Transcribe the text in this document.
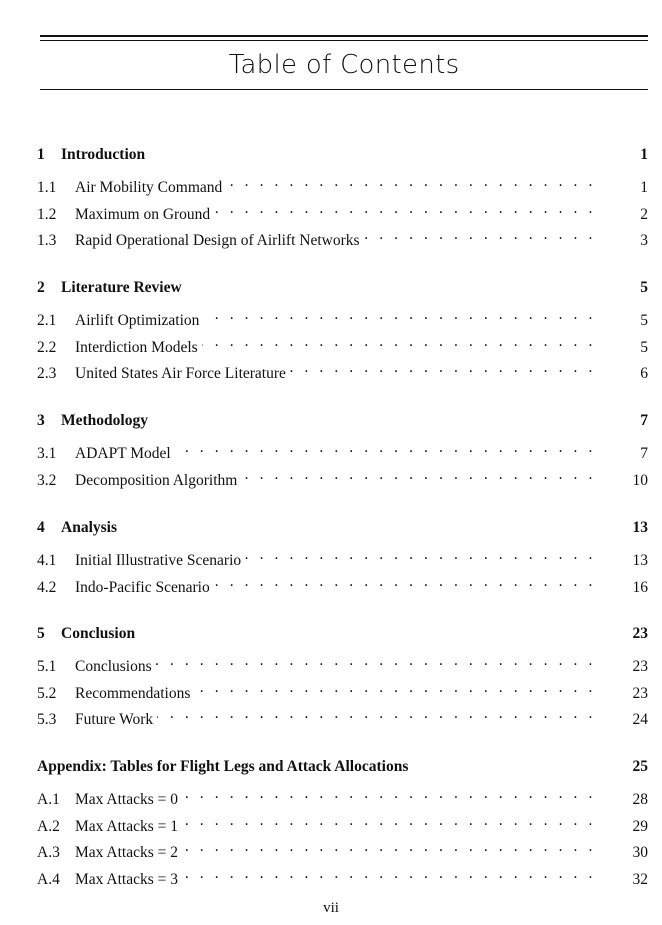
Table of Contents
1	Introduction	1
1.1	Air Mobility Command . . .	1
1.2	Maximum on Ground . . .	2
1.3	Rapid Operational Design of Airlift Networks . . .	3
2	Literature Review	5
2.1	Airlift Optimization . . .	5
2.2	Interdiction Models . . .	5
2.3	United States Air Force Literature . . .	6
3	Methodology	7
3.1	ADAPT Model . . .	7
3.2	Decomposition Algorithm . . .	10
4	Analysis	13
4.1	Initial Illustrative Scenario . . .	13
4.2	Indo-Pacific Scenario . . .	16
5	Conclusion	23
5.1	Conclusions . . .	23
5.2	Recommendations . . .	23
5.3	Future Work . . .	24
Appendix: Tables for Flight Legs and Attack Allocations	25
A.1 Max Attacks = 0 . . .	28
A.2 Max Attacks = 1 . . .	29
A.3 Max Attacks = 2 . . .	30
A.4 Max Attacks = 3 . . .	32
vii
